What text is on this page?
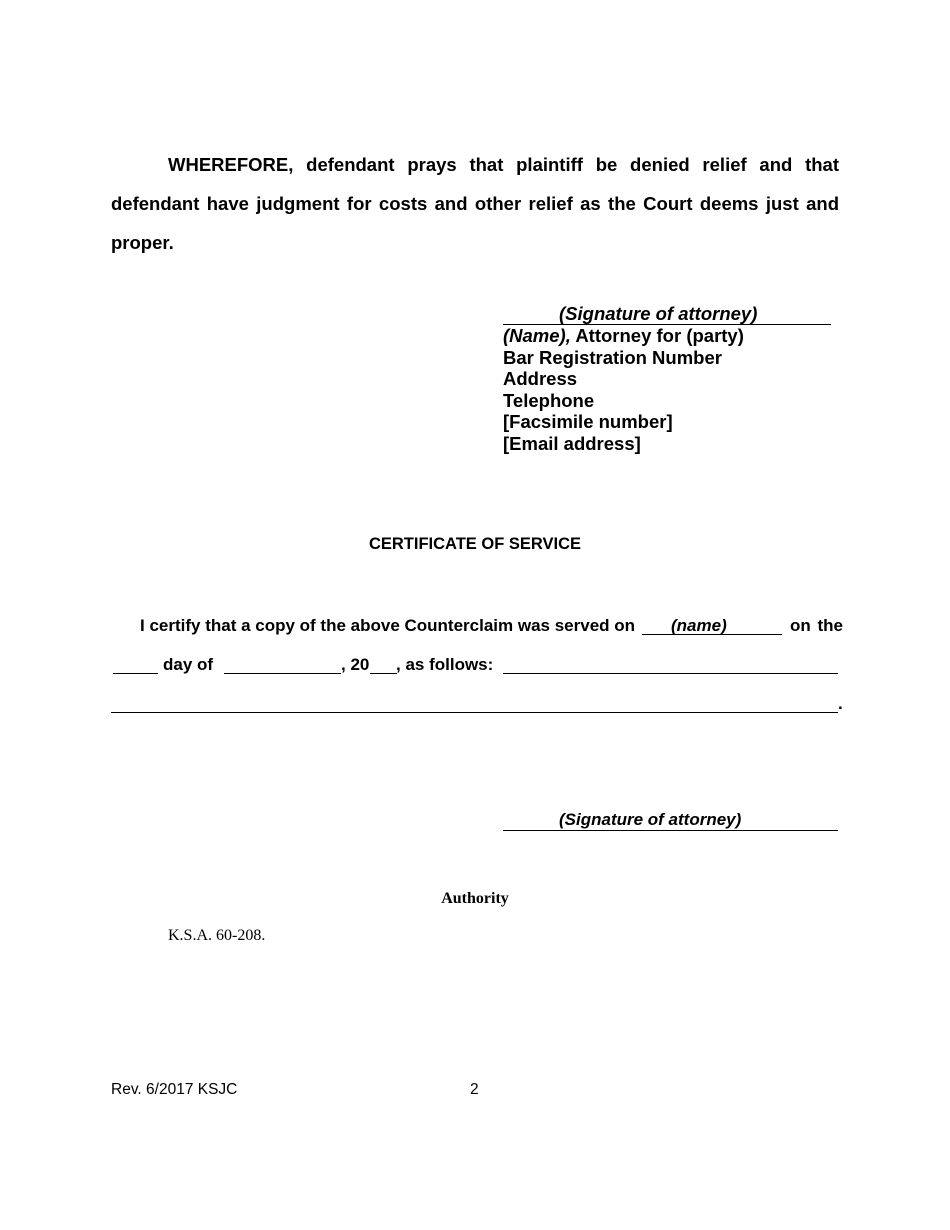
WHEREFORE, defendant prays that plaintiff be denied relief and that defendant have judgment for costs and other relief as the Court deems just and proper.

(Signature of attorney)
(Name), Attorney for (party)
Bar Registration Number
Address
Telephone
[Facsimile number]
[Email address]
CERTIFICATE OF SERVICE
I certify that a copy of the above Counterclaim was served on (name)	on the
day of	, 20 , as follows:
.
(Signature of attorney)
Authority
K.S.A. 60-208.
Rev. 6/2017 KSJC	2
